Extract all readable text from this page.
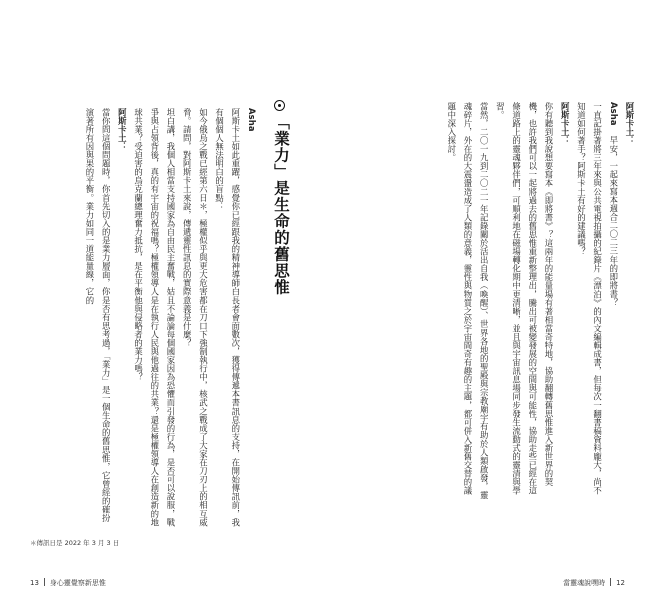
阿斯卡土：

Asha 早安，一起來寫本週合二〇二三年的即將書？

一直記掛著將三年來與公共電視拍攝的紀錄片《漂泊》的內文編輯成書，但每次一翻書稿資料龐大，尚不知道如何著手？阿斯卡土有好的建議嗎？

阿斯卡土：

你有聽到我說想要寫本《即將書》？這兩年的能量場有著相當奇特地，協助翻轉舊思惟進入新世界的契機，也許我們可以一起將過去的舊思惟重新整理出，騰出可被變發展的空間與可能性，協助走些已經在這條道路上的靈魂夥伴們，可順利地在磁場轉化期中更清晰，並且與宇宙訊息場同步發生流動式的靈清與學習。

當然，二〇一九到二〇二一年記錄關於活出自我（喚醒）、世界各地的聖殿與宗教廟宇有助於人類啟發，靈魂碎片，外在的大震盪造成了人類的意義，靈性與物質之於宇宙間奇有趣的主題，都可併入新舊交替的議題中深入探討。

當靈魂說嘿時 12
「業力」是生命的舊思惟

Asha

阿斯卡土如此重躍，感覺你已經跟我的精神導師白長者會面數次，獲得傳遞本書訊息的支持，在開始傳訊前，我有個個人無法明白的盲點：

如今俄烏之戰已經第六日＊，極權似乎與更大危害都在刀口下強制執行中，核武之戰成了大家在刀刃上的相互威脅。請問，對阿斯卡土來說，傳遞靈性訊息的實際意義是什麼？

坦白講，我個人相當支持國家為自由民主奮戰，姑且不論論每個國家因為恐懼而引發的行為，是否可以說服，戰爭與占領背後，真的有宇宙的祝福嗎？極權領導人是在執行人民與他過往的共業？還是極權領導人在創造新的地球共業？受迫害的烏克蘭總理奮力抵抗，是在平衡他與侵略者的業力嗎？

阿斯卡土：

當你問這個問題時，你首先切入的是業力層面，你是否有思考過，「業力」是一個生命的舊思惟，它曾經的確扮演著所有因與果的平衡。業力如同一道能量線，它的

＊傳訊日是 2022 年 3 月 3 日
13 身心靈覺察新思惟
